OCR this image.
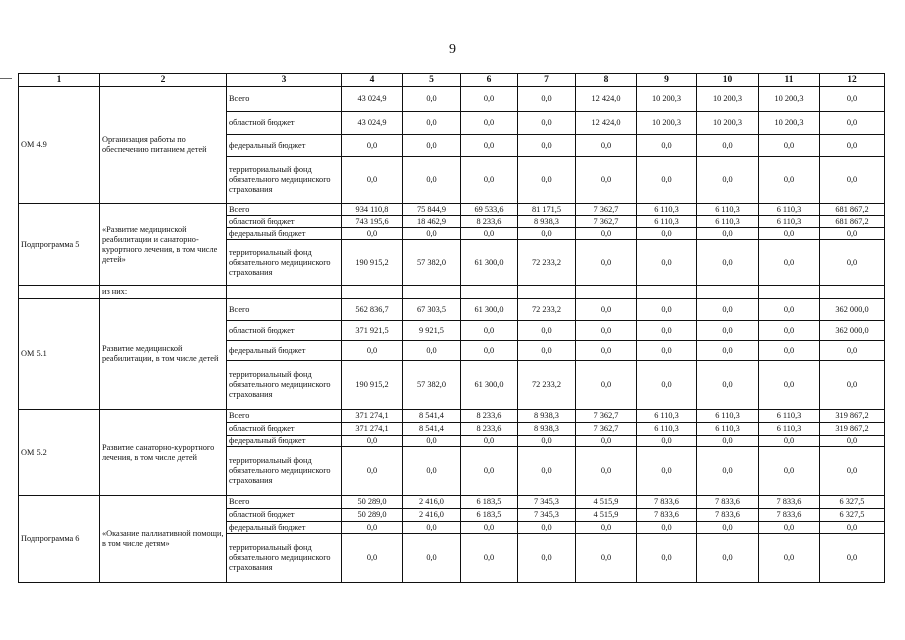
9
1	2	3	4	5	6	7	8	9	10	11	12
ОМ 4.9	Организация работы по обеспечению питанием детей	Всего	43 024,9	0,0	0,0	0,0	12 424,0	10 200,3	10 200,3	10 200,3	0,0
		областной бюджет	43 024,9	0,0	0,0	0,0	12 424,0	10 200,3	10 200,3	10 200,3	0,0
		федеральный бюджет	0,0	0,0	0,0	0,0	0,0	0,0	0,0	0,0	0,0
		территориальный фонд обязательного медицинского страхования	0,0	0,0	0,0	0,0	0,0	0,0	0,0	0,0	0,0
Подпрограмма 5	«Развитие медицинской реабилитации и санаторно-курортного лечения, в том числе детей»	Всего	934 110,8	75 844,9	69 533,6	81 171,5	7 362,7	6 110,3	6 110,3	6 110,3	681 867,2
		областной бюджет	743 195,6	18 462,9	8 233,6	8 938,3	7 362,7	6 110,3	6 110,3	6 110,3	681 867,2
		федеральный бюджет	0,0	0,0	0,0	0,0	0,0	0,0	0,0	0,0	0,0
		территориальный фонд обязательного медицинского страхования	190 915,2	57 382,0	61 300,0	72 233,2	0,0	0,0	0,0	0,0	0,0
	из них:										
ОМ 5.1	Развитие медицинской реабилитации, в том числе детей	Всего	562 836,7	67 303,5	61 300,0	72 233,2	0,0	0,0	0,0	0,0	362 000,0
		областной бюджет	371 921,5	9 921,5	0,0	0,0	0,0	0,0	0,0	0,0	362 000,0
		федеральный бюджет	0,0	0,0	0,0	0,0	0,0	0,0	0,0	0,0	0,0
		территориальный фонд обязательного медицинского страхования	190 915,2	57 382,0	61 300,0	72 233,2	0,0	0,0	0,0	0,0	0,0
ОМ 5.2	Развитие санаторно-курортного лечения, в том числе детей	Всего	371 274,1	8 541,4	8 233,6	8 938,3	7 362,7	6 110,3	6 110,3	6 110,3	319 867,2
		областной бюджет	371 274,1	8 541,4	8 233,6	8 938,3	7 362,7	6 110,3	6 110,3	6 110,3	319 867,2
		федеральный бюджет	0,0	0,0	0,0	0,0	0,0	0,0	0,0	0,0	0,0
		территориальный фонд обязательного медицинского страхования	0,0	0,0	0,0	0,0	0,0	0,0	0,0	0,0	0,0
Подпрограмма 6	«Оказание паллиативной помощи, в том числе детям»	Всего	50 289,0	2 416,0	6 183,5	7 345,3	4 515,9	7 833,6	7 833,6	7 833,6	6 327,5
		областной бюджет	50 289,0	2 416,0	6 183,5	7 345,3	4 515,9	7 833,6	7 833,6	7 833,6	6 327,5
		федеральный бюджет	0,0	0,0	0,0	0,0	0,0	0,0	0,0	0,0	0,0
		территориальный фонд обязательного медицинского страхования	0,0	0,0	0,0	0,0	0,0	0,0	0,0	0,0	0,0
